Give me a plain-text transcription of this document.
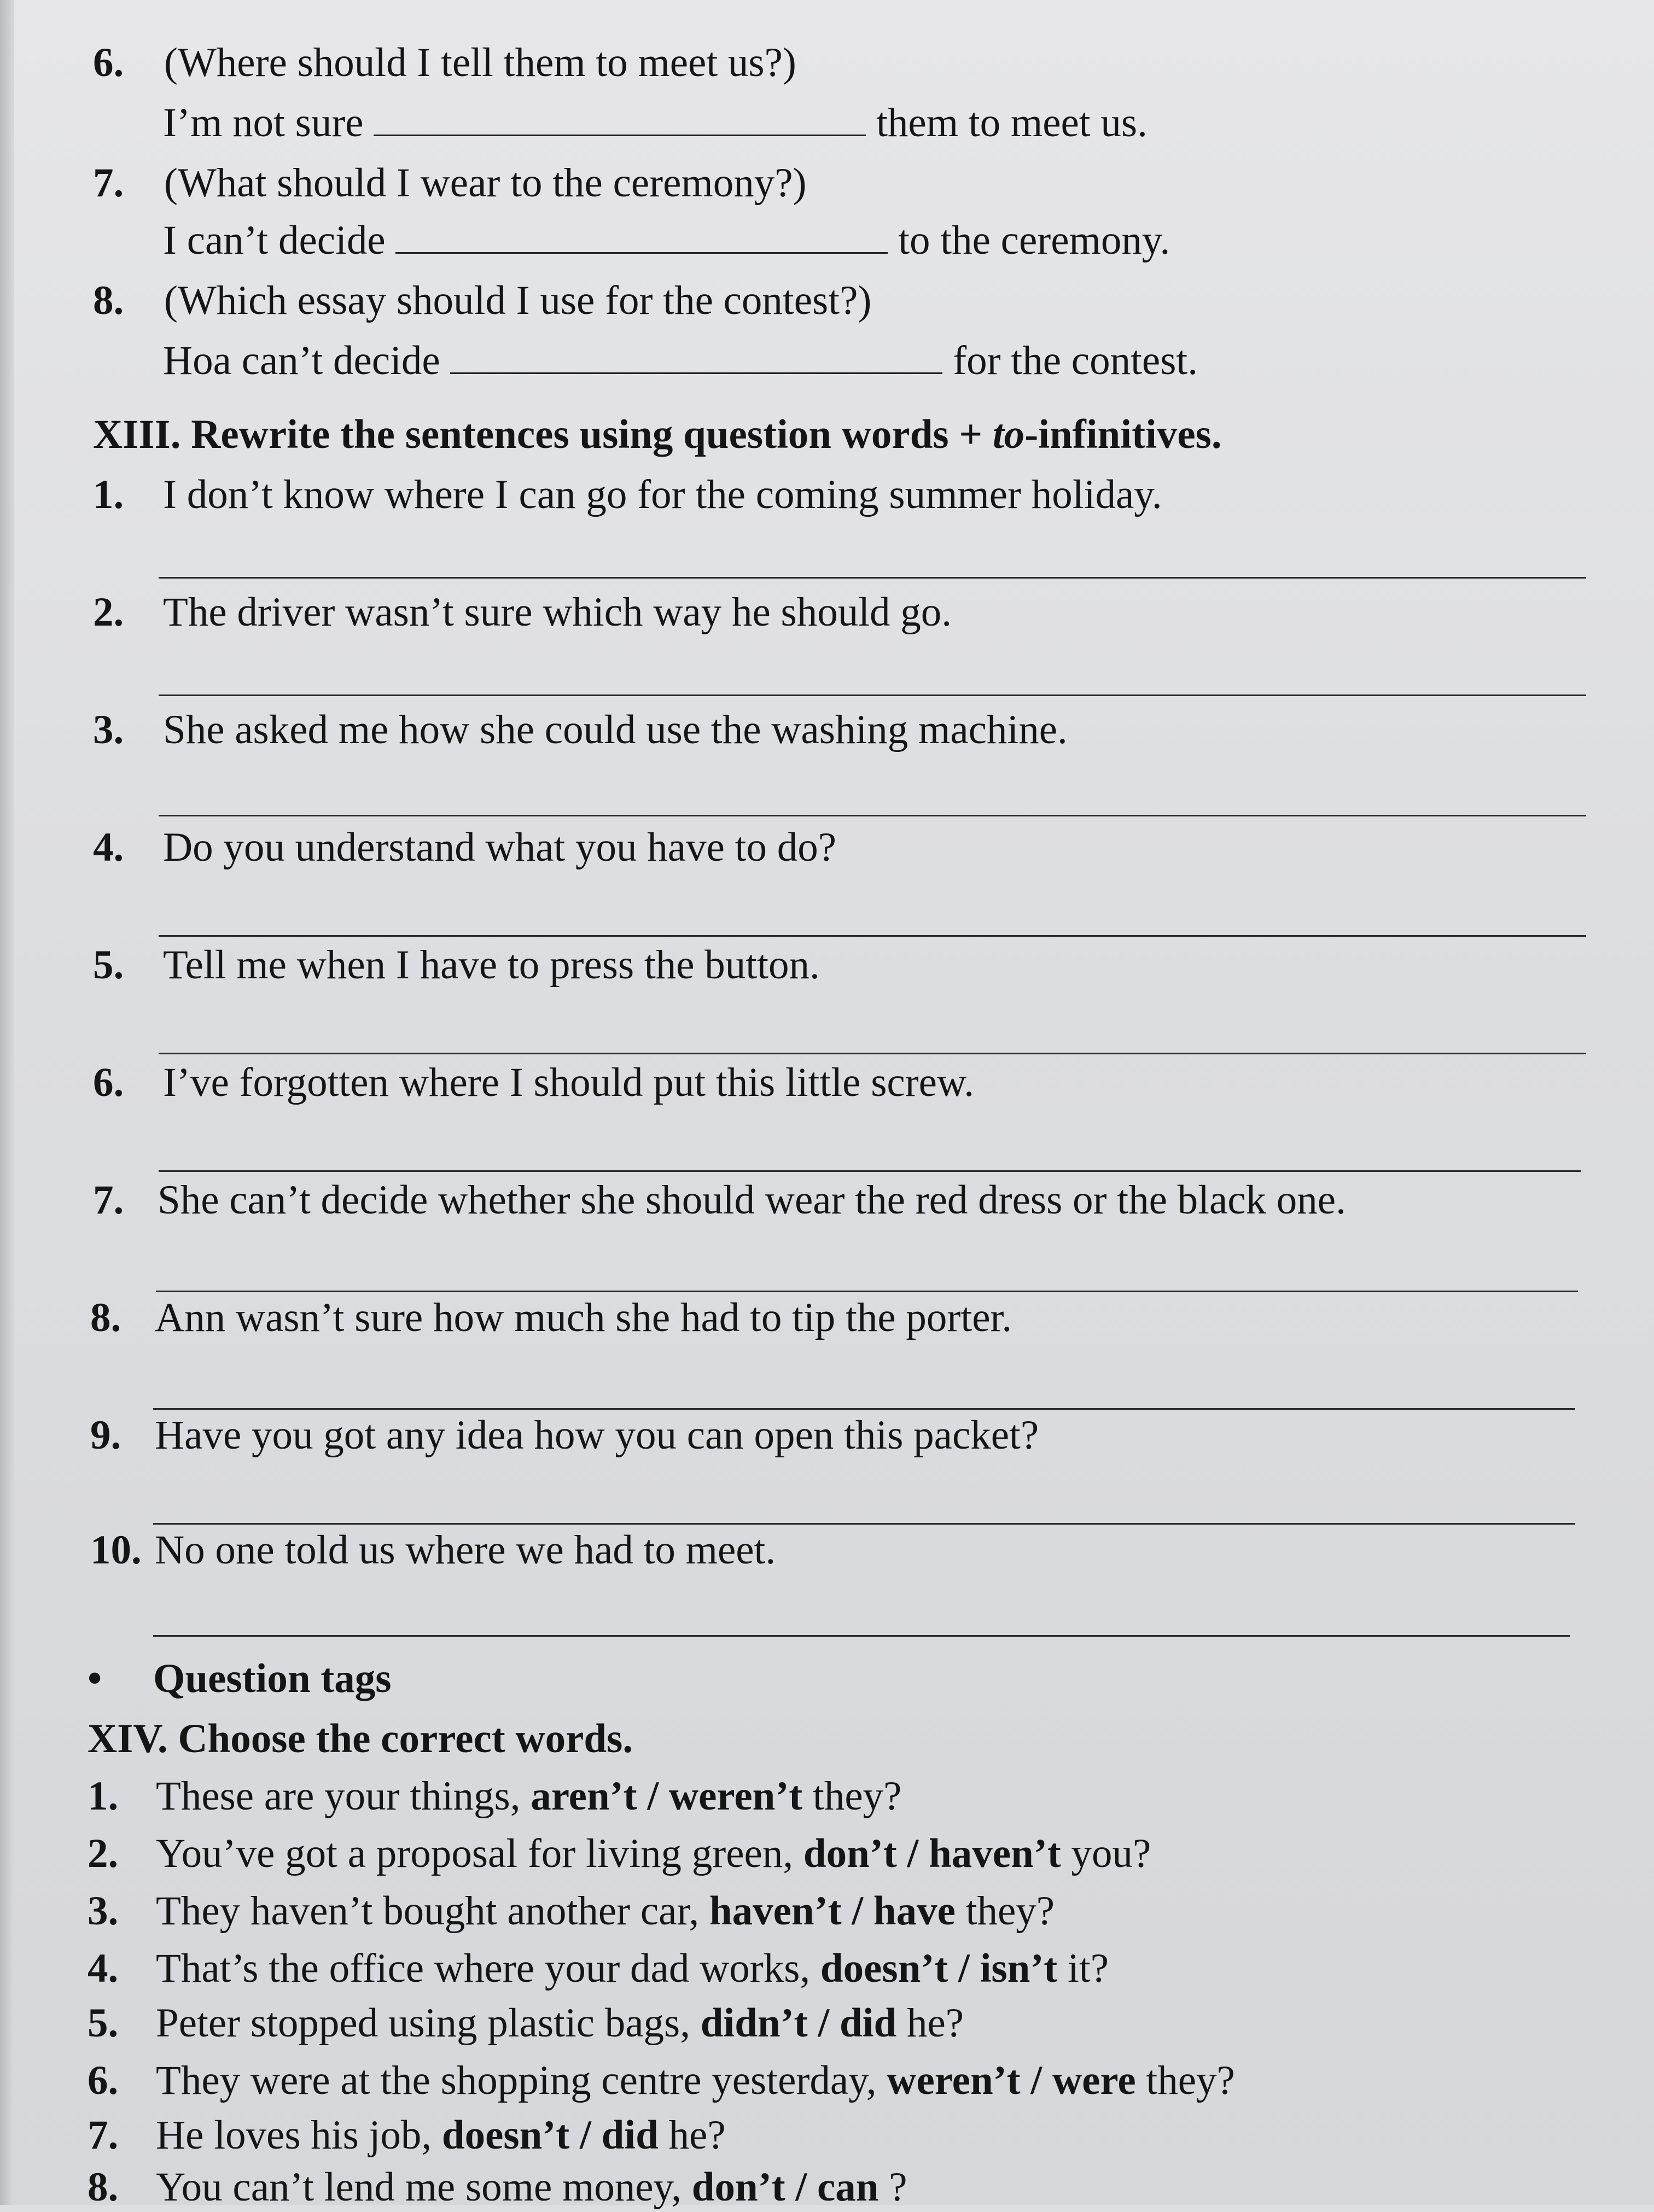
6. (Where should I tell them to meet us?)
I’m not sure	them to meet us.
7. (What should I wear to the ceremony?)
I can’t decide	to the ceremony.
8. (Which essay should I use for the contest?)
Hoa can’t decide	for the contest.
XIII. Rewrite the sentences using question words + to-infinitives.
1. I don’t know where I can go for the coming summer holiday.
2. The driver wasn’t sure which way he should go.
3. She asked me how she could use the washing machine.
4. Do you understand what you have to do?
5. Tell me when I have to press the button.
6. I’ve forgotten where I should put this little screw.
7. She can’t decide whether she should wear the red dress or the black one.
8. Ann wasn’t sure how much she had to tip the porter.
9. Have you got any idea how you can open this packet?
10. No one told us where we had to meet.
• Question tags
XIV. Choose the correct words.
1. These are your things, aren’t / weren’t they?
2. You’ve got a proposal for living green, don’t / haven’t you?
3. They haven’t bought another car, haven’t / have they?
4. That’s the office where your dad works, doesn’t / isn’t it?
5. Peter stopped using plastic bags, didn’t / did he?
6. They were at the shopping centre yesterday, weren’t / were they?
7. He loves his job, doesn’t / did he?
8. You can’t lend me some money, don’t / can ?
